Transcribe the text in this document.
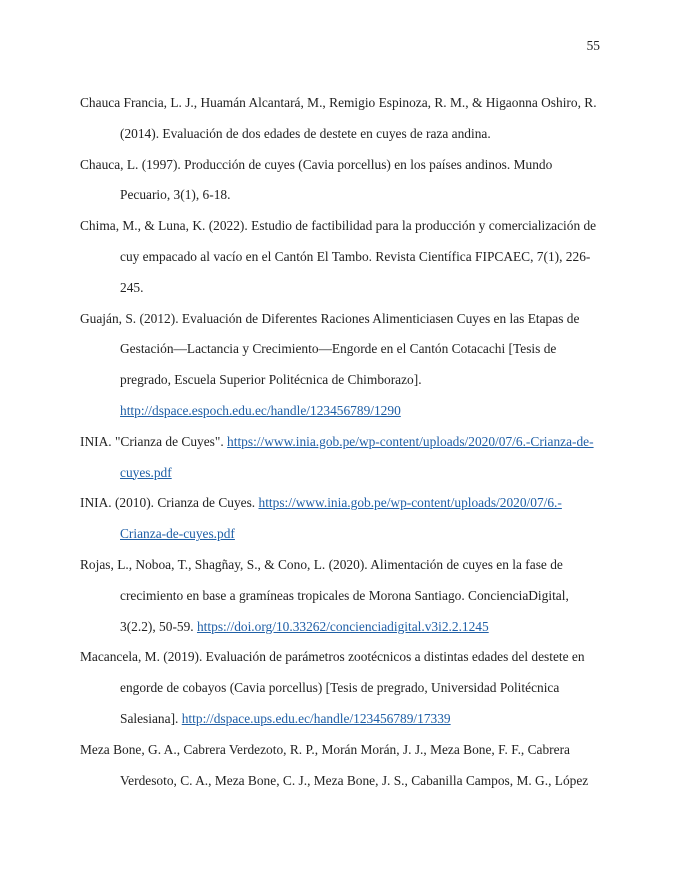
55

Chauca Francia, L. J., Huamán Alcantará, M., Remigio Espinoza, R. M., & Higaonna Oshiro, R.
(2014). Evaluación de dos edades de destete en cuyes de raza andina.

Chauca, L. (1997). Producción de cuyes (Cavia porcellus) en los países andinos. Mundo
Pecuario, 3(1), 6-18.

Chima, M., & Luna, K. (2022). Estudio de factibilidad para la producción y comercialización de
cuy empacado al vacío en el Cantón El Tambo. Revista Científica FIPCAEC, 7(1), 226-
245.

Guaján, S. (2012). Evaluación de Diferentes Raciones Alimenticiasen Cuyes en las Etapas de
Gestación—Lactancia y Crecimiento—Engorde en el Cantón Cotacachi [Tesis de
pregrado, Escuela Superior Politécnica de Chimborazo].
http://dspace.espoch.edu.ec/handle/123456789/1290

INIA. "Crianza de Cuyes". https://www.inia.gob.pe/wp-content/uploads/2020/07/6.-Crianza-de-
cuyes.pdf

INIA. (2010). Crianza de Cuyes. https://www.inia.gob.pe/wp-content/uploads/2020/07/6.-
Crianza-de-cuyes.pdf

Rojas, L., Noboa, T., Shagñay, S., & Cono, L. (2020). Alimentación de cuyes en la fase de
crecimiento en base a gramíneas tropicales de Morona Santiago. ConcienciaDigital,
3(2.2), 50-59. https://doi.org/10.33262/concienciadigital.v3i2.2.1245

Macancela, M. (2019). Evaluación de parámetros zootécnicos a distintas edades del destete en
engorde de cobayos (Cavia porcellus) [Tesis de pregrado, Universidad Politécnica
Salesiana]. http://dspace.ups.edu.ec/handle/123456789/17339

Meza Bone, G. A., Cabrera Verdezoto, R. P., Morán Morán, J. J., Meza Bone, F. F., Cabrera
Verdesoto, C. A., Meza Bone, C. J., Meza Bone, J. S., Cabanilla Campos, M. G., López
